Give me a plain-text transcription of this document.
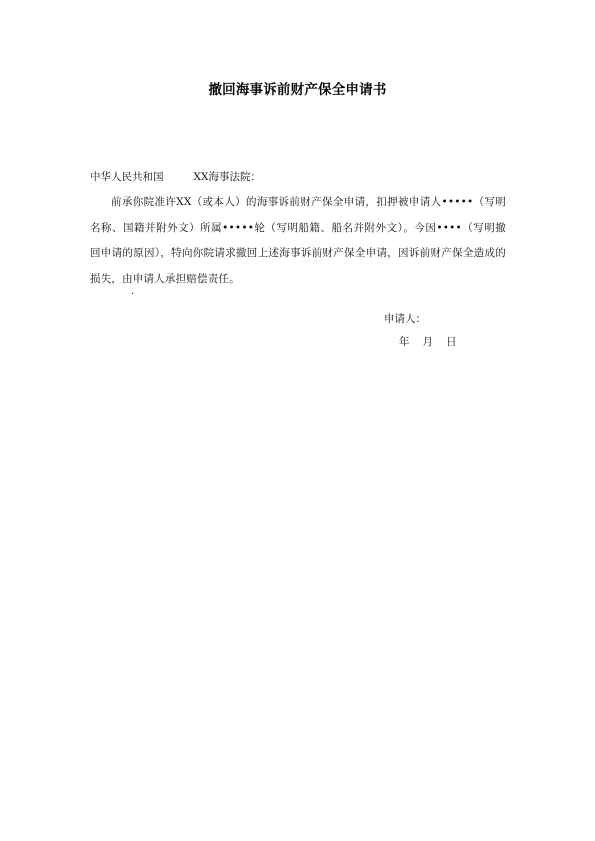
撤回海事诉前财产保全申请书
中华人民共和国	XX海事法院：
前承你院准许XX（或本人）的海事诉前财产保全申请，扣押被申请人•••••（写明名称、国籍并附外文）所属•••••轮（写明船籍、船名并附外文）。今因••••（写明撤回申请的原因），特向你院请求撤回上述海事诉前财产保全申请，因诉前财产保全造成的损失，由申请人承担赔偿责任。
.
申请人：
年 月 日
